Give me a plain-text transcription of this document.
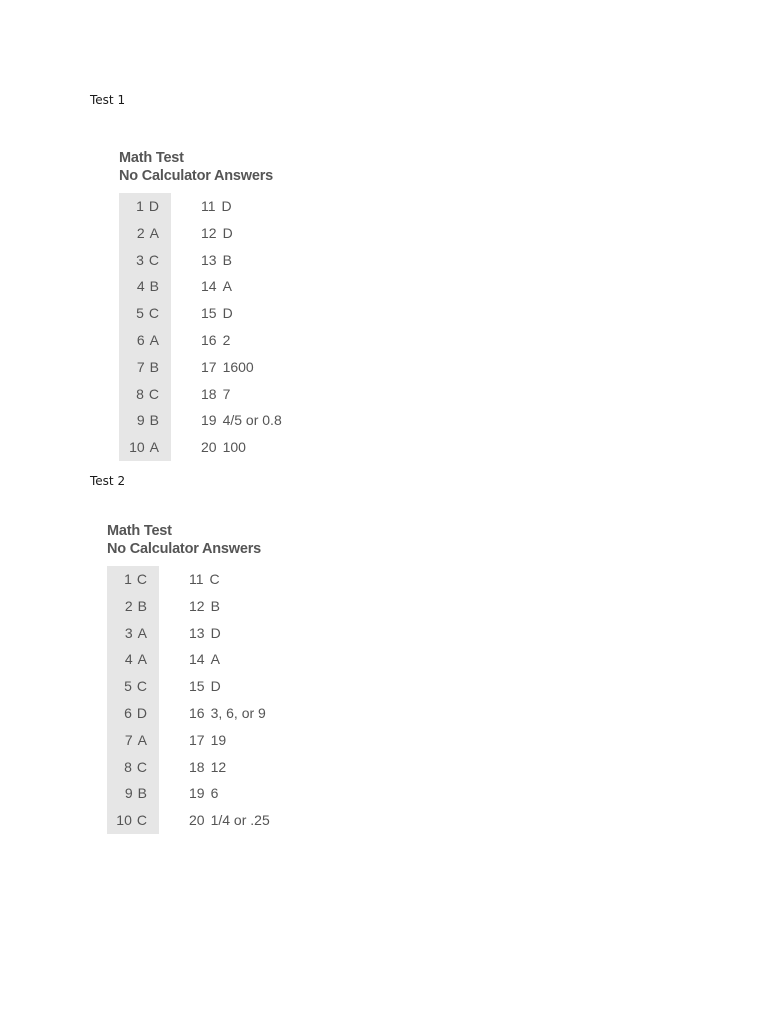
Test 1
Math Test
No Calculator Answers
1 D
2 A
3 C
4 B
5 C
6 A
7 B
8 C
9 B
10 A
11 D
12 D
13 B
14 A
15 D
16 2
17 1600
18 7
19 4/5 or 0.8
20 100
Test 2
Math Test
No Calculator Answers
1 C
2 B
3 A
4 A
5 C
6 D
7 A
8 C
9 B
10 C
11 C
12 B
13 D
14 A
15 D
16 3, 6, or 9
17 19
18 12
19 6
20 1/4 or .25
